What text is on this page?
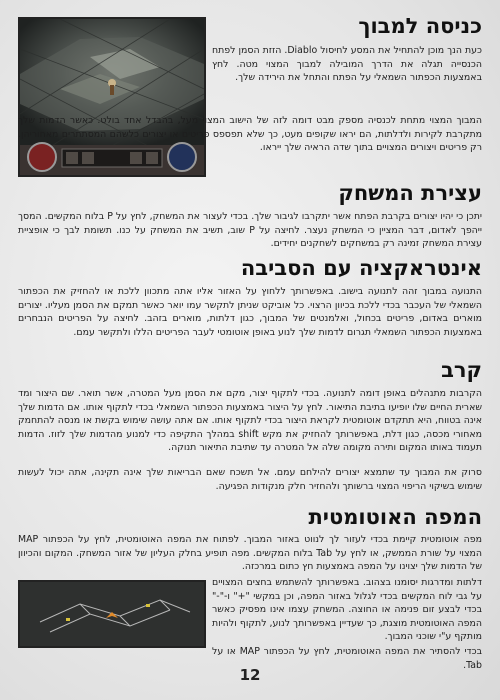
כניסה למבוך

כעת הנך מוכן להתחיל את המסע לחיסול Diablo. הזזת הסמן לפתח הכנסייה תגלה את הדרך המובילה למבוך המצוי מטה. לחץ באמצעות הכפתור השמאלי על הפתח והתחל את הירידה שלך.

המבוך המצוי מתחת לכנסיה מספק מבט דומה לזה של הישוב המצוי מעל, בהבדל אחד בולט. כאשר הדמות שלך מתקרבת לקירות ולדלתות, הם יראו שקופים מעט, כך שלא תפספס פריטים או יצורים כלשהם המסתתרים מאחוריהן. רק פריטים ויצורים המצויים בתוך שדה הראיה שלך ייראו.

עצירת המשחק

יתכן כי יהיו יצורים בקרבת הפתח אשר יתקרבו לגיבור שלך. בכדי לעצור את המשחק, לחץ על P בלוח המקשים. המסך ייהפך לאדום, דבר המציין כי המשחק נעצר. לחיצה על P שוב, תשיב את המשחק על כנו. תשומת לבך כי אופציית עצירת המשחק זמינה רק במשחקים לשחקנים יחידים.

אינטראקציה עם הסביבה

התנועה במבוך זהה לתנועה בישוב. באפשרותך ללחוץ על האזור אליו אתה מתכוון ללכת או להחזיק את הכפתור השמאלי של העכבר בכדי ללכת בכיוון הרצוי. כל אוביקט שניתן לתקשר עמו יואר כאשר תמקם את הסמן מעליו. יצורים מוארים באדום, פריטים בכחול, ואלמנטים של המבוך, כגון דלתות, מוארים בזהב. לחיצה על הפריטים הנבחרים באמצעות הכפתור השמאלי תגרום לדמות שלך לנוע באופן אוטומטי לעבר הפריטים הללו ולתקשר עמם.

קרב

הקרבות מתנהלים באופן דומה לתנועה. בכדי לתקוף יצור, מקם את הסמן מעל המטרה, אשר תואר. שם היצור ומד שארית החיים שלו יופיעו בתיבת התיאור. לחץ על היצור באמצעות הכפתור השמאלי בכדי לתקוף אותו. אם הדמות שלך אינה בטווח, היא תתקדם אוטומטית לקראת היצור בכדי לתקוף אותו. אם אתה עושה שימוש בקשת או מנסה להתחמק מאחורי מכסה, כגון דלת, באפשרותך להחזיק את מקש shift במהלך התקיפה כדי למנוע מהדמות שלך לזוז. הדמות תעמוד באותו המקום ותירה מקומה שלה אל המטרה עד שתיבת התיאור תנוקה.

סרוק את המבוך עד שתמצא יצורים להילחם עמם. אל תשכח שאם הבריאות שלך אינה תקינה, אתה יכול לעשות שימוש בשיקוי הריפוי המצוי ברשותך ולהחזיר חלק מנקודות הפגיעה.

המפה האוטומטית

מפה אוטומטית קיימת בכדי לעזור לך לנווט באזור המבוך. לפתוח את המפה האוטומטית, לחץ על הכפתור MAP המצוי על שורת הממשק, או לחץ על Tab בלוח המקשים. מפה תופיע בחלק העליון של אזור המשחק. המקום והכיוון של הדמות שלך יצוינו על המפה באמצעות חץ כתום במרכזה.

דלתות ומדרגות יסומנו בצהוב. באפשרותך להשתמש בחצים המצויים על גבי לוח המקשים בכדי לגלול באזור המפה, וכן במקשי "+" ו-"-" בכדי לבצע זום פנימה או החוצה. המשחק עצמו אינו מפסיק כאשר המפה האוטומטית מוצגת, כך שעדיין באפשרותך לנוע, לתקוף ולהיות מותקף ע"י שוכני המבוך.

בכדי להסתיר את המפה האוטומטית, לחץ על הכפתור MAP או על Tab.

12
